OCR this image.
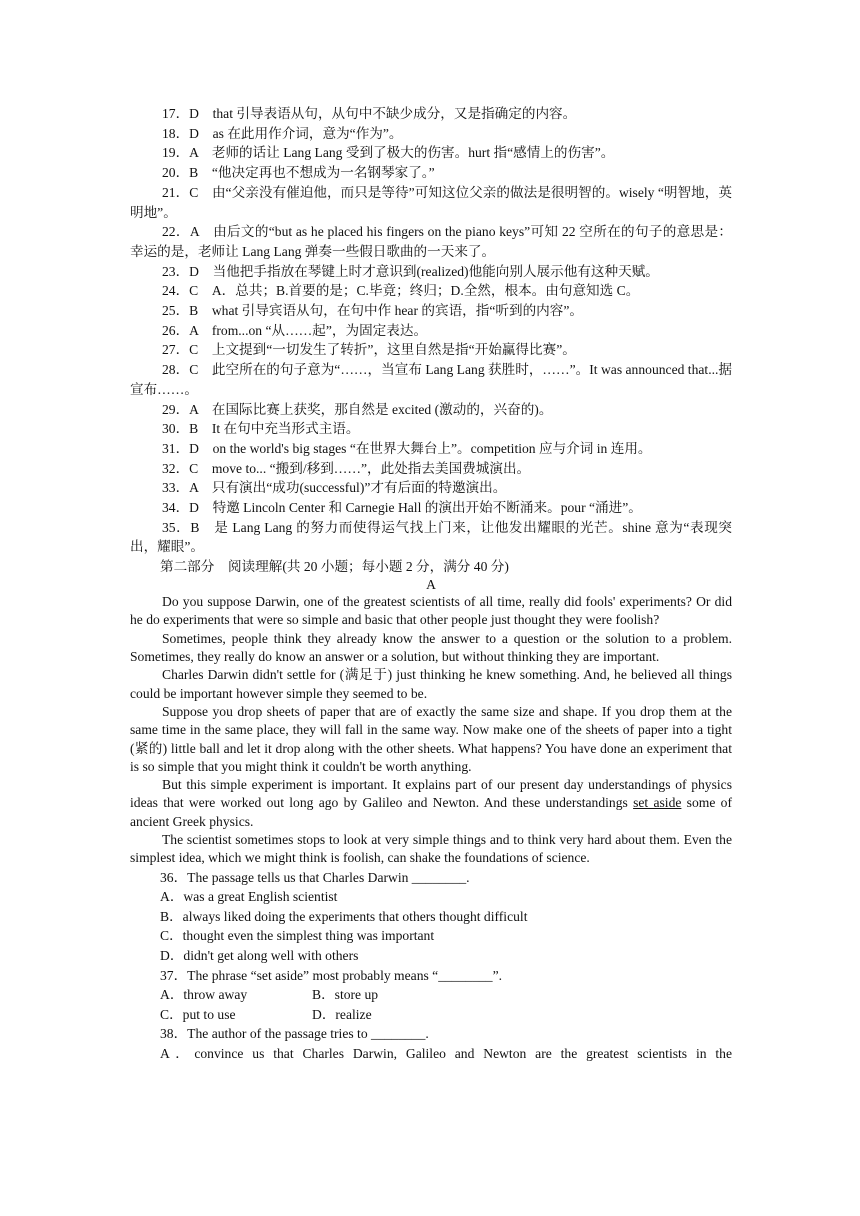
17．D　that 引导表语从句，从句中不缺少成分，又是指确定的内容。

18．D　as 在此用作介词，意为“作为”。

19．A　老师的话让 Lang Lang 受到了极大的伤害。hurt 指“感情上的伤害”。

20．B　“他决定再也不想成为一名钢琴家了。”

21．C　由“父亲没有催迫他，而只是等待”可知这位父亲的做法是很明智的。wisely “明智地，英明地”。

22．A　由后文的“but as he placed his fingers on the piano keys”可知 22 空所在的句子的意思是：幸运的是，老师让 Lang Lang 弹奏一些假日歌曲的一天来了。

23．D　当他把手指放在琴键上时才意识到(realized)他能向别人展示他有这种天赋。

24．C　A．总共；B.首要的是；C.毕竟；终归；D.全然，根本。由句意知选 C。

25．B　what 引导宾语从句，在句中作 hear 的宾语，指“听到的内容”。

26．A　from...on “从……起”，为固定表达。

27．C　上文提到“一切发生了转折”，这里自然是指“开始赢得比赛”。

28．C　此空所在的句子意为“……，当宣布 Lang Lang 获胜时，……”。It was announced that...据宣布……。

29．A　在国际比赛上获奖，那自然是 excited (激动的，兴奋的)。

30．B　It 在句中充当形式主语。

31．D　on the world's big stages “在世界大舞台上”。competition 应与介词 in 连用。

32．C　move to... “搬到/移到……”，此处指去美国费城演出。

33．A　只有演出“成功(successful)”才有后面的特邀演出。

34．D　特邀 Lincoln Center 和 Carnegie Hall 的演出开始不断涌来。pour “涌进”。

35．B　是 Lang Lang 的努力而使得运气找上门来，让他发出耀眼的光芒。shine 意为“表现突出，耀眼”。

第二部分　阅读理解(共 20 小题；每小题 2 分，满分 40 分)

A

Do you suppose Darwin, one of the greatest scientists of all time, really did fools' experiments? Or did he do experiments that were so simple and basic that other people just thought they were foolish?

Sometimes, people think they already know the answer to a question or the solution to a problem. Sometimes, they really do know an answer or a solution, but without thinking they are important.

Charles Darwin didn't settle for (满足于) just thinking he knew something. And, he believed all things could be important however simple they seemed to be.

Suppose you drop sheets of paper that are of exactly the same size and shape. If you drop them at the same time in the same place, they will fall in the same way. Now make one of the sheets of paper into a tight (紧的) little ball and let it drop along with the other sheets. What happens? You have done an experiment that is so simple that you might think it couldn't be worth anything.

But this simple experiment is important. It explains part of our present day understandings of physics ideas that were worked out long ago by Galileo and Newton. And these understandings set aside some of ancient Greek physics.

The scientist sometimes stops to look at very simple things and to think very hard about them. Even the simplest idea, which we might think is foolish, can shake the foundations of science.

36．The passage tells us that Charles Darwin ________.

A．was a great English scientist

B．always liked doing the experiments that others thought difficult

C．thought even the simplest thing was important

D．didn't get along well with others

37．The phrase “set aside” most probably means “________”.

A．throw away	B．store up

C．put to use	D．realize

38．The author of the passage tries to ________.

A．convince us that Charles Darwin, Galileo and Newton are the greatest scientists in the
